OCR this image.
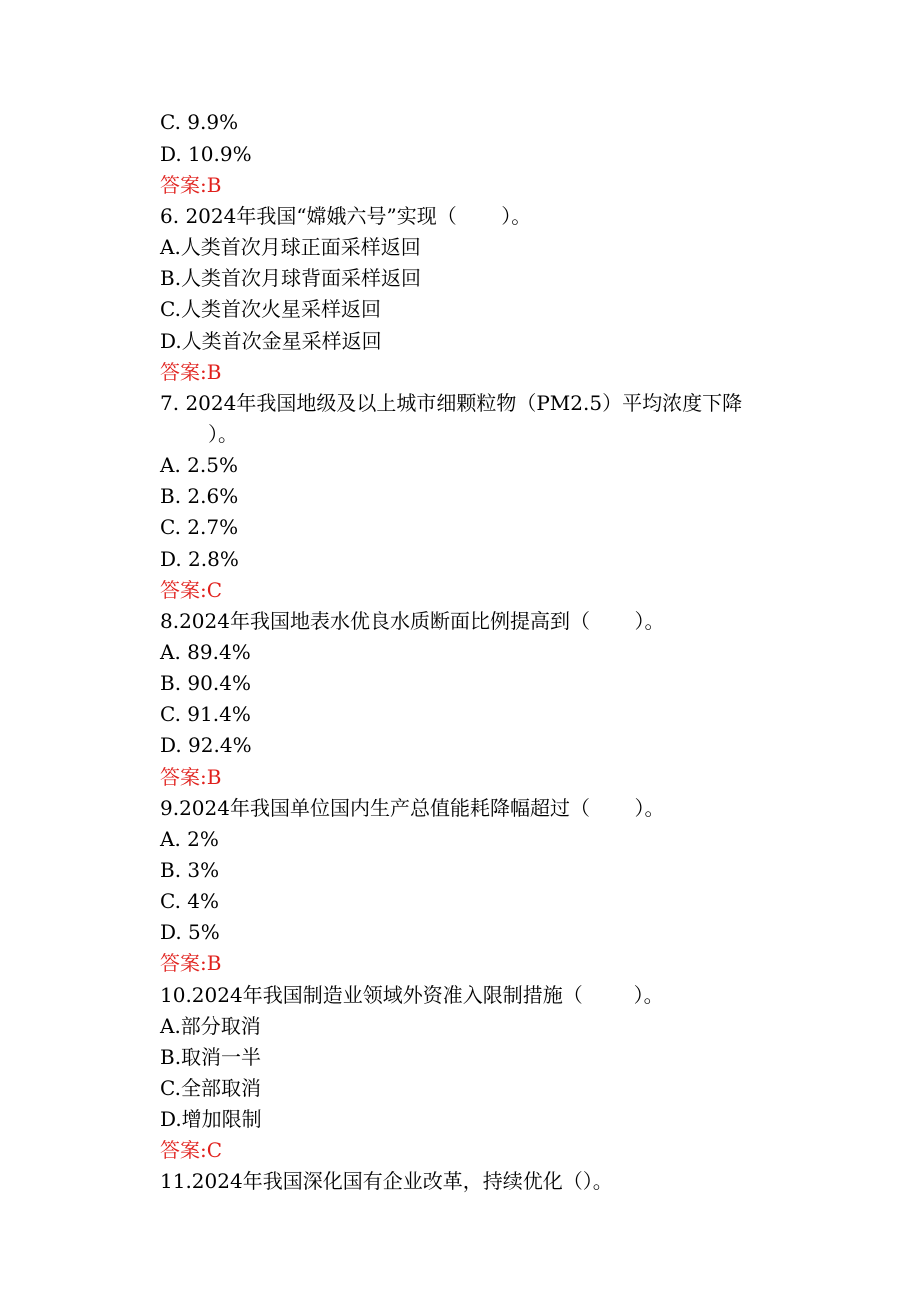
C. 9.9%
D. 10.9%
答案:B
6. 2024年我国“嫦娥六号”实现（       ）。
A.人类首次月球正面采样返回
B.人类首次月球背面采样返回
C.人类首次火星采样返回
D.人类首次金星采样返回
答案:B
7. 2024年我国地级及以上城市细颗粒物（PM2.5）平均浓度下降
）。
A. 2.5%
B. 2.6%
C. 2.7%
D. 2.8%
答案:C
8.2024年我国地表水优良水质断面比例提高到（       ）。
A. 89.4%
B. 90.4%
C. 91.4%
D. 92.4%
答案:B
9.2024年我国单位国内生产总值能耗降幅超过（       ）。
A. 2%
B. 3%
C. 4%
D. 5%
答案:B
10.2024年我国制造业领域外资准入限制措施（        ）。
A.部分取消
B.取消一半
C.全部取消
D.增加限制
答案:C
11.2024年我国深化国有企业改革，持续优化（）。
